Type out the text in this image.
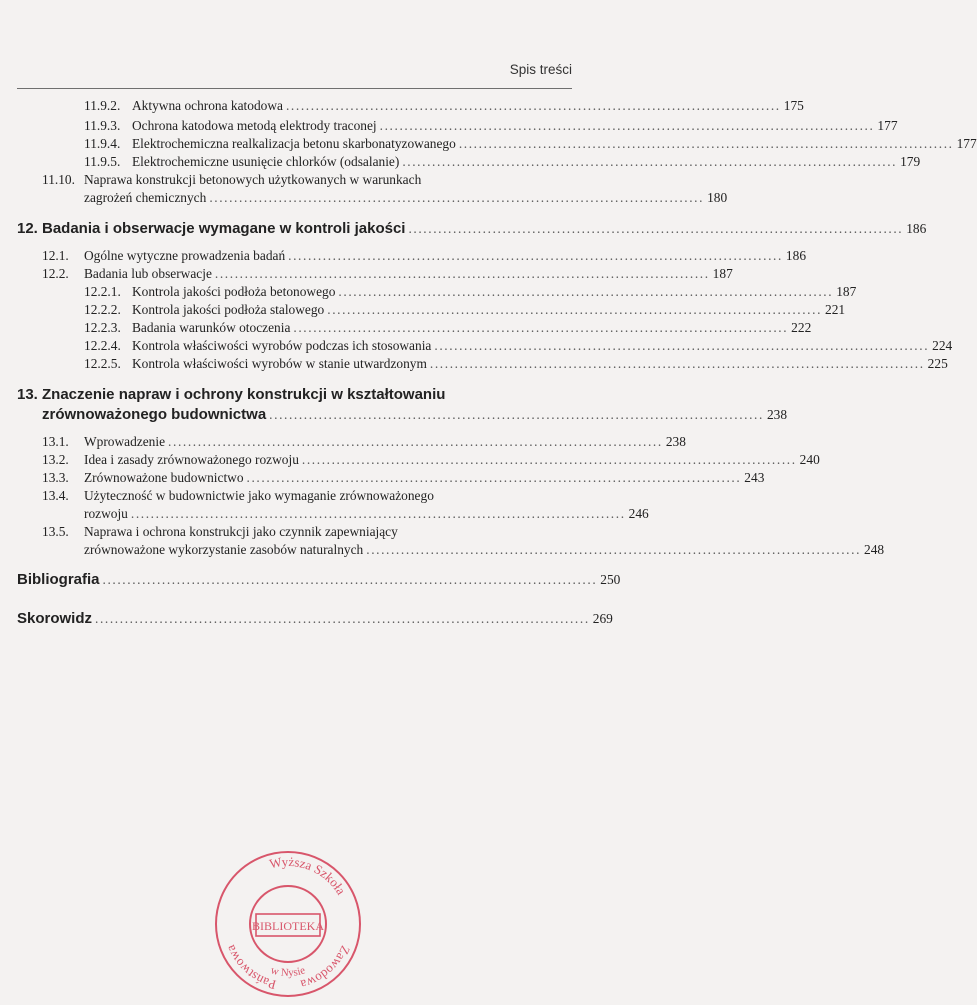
Spis treści
11.9.2. Aktywna ochrona katodowa .................................................................................................... 175
11.9.3. Ochrona katodowa metodą elektrody traconej .................................................................................................... 177
11.9.4. Elektrochemiczna realkalizacja betonu skarbonatyzowanego .................................................................................................... 177
11.9.5. Elektrochemiczne usunięcie chlorków (odsalanie) .................................................................................................... 179
11.10. Naprawa konstrukcji betonowych użytkowanych w warunkach
zagrożeń chemicznych .................................................................................................... 180
12. Badania i obserwacje wymagane w kontroli jakości .................................................................................................... 186
12.1.	Ogólne wytyczne prowadzenia badań .................................................................................................... 186
12.2.	Badania lub obserwacje .................................................................................................... 187
12.2.1. Kontrola jakości podłoża betonowego .................................................................................................... 187
12.2.2. Kontrola jakości podłoża stalowego .................................................................................................... 221
12.2.3. Badania warunków otoczenia .................................................................................................... 222
12.2.4. Kontrola właściwości wyrobów podczas ich stosowania .................................................................................................... 224
12.2.5. Kontrola właściwości wyrobów w stanie utwardzonym .................................................................................................... 225
13. Znaczenie napraw i ochrony konstrukcji w kształtowaniu
zrównoważonego budownictwa .................................................................................................... 238
13.1.	Wprowadzenie .................................................................................................... 238
13.2.	Idea i zasady zrównoważonego rozwoju .................................................................................................... 240
13.3.	Zrównoważone budownictwo .................................................................................................... 243
13.4. Użyteczność w budownictwie jako wymaganie zrównoważonego
rozwoju .................................................................................................... 246
13.5. Naprawa i ochrona konstrukcji jako czynnik zapewniający
zrównoważone wykorzystanie zasobów naturalnych .................................................................................................... 248
Bibliografia .................................................................................................... 250
Skorowidz .................................................................................................... 269
Wyższa Szkoła
Państwowa	Zawodowa
w Nysie
BIBLIOTEKA
